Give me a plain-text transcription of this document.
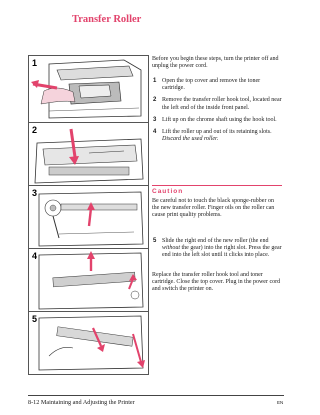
Transfer Roller
1
2
3
4
5

Before you begin these steps, turn the printer off and unplug the power cord.

1 Open the top cover and remove the toner cartridge.
2 Remove the transfer roller hook tool, located near the left end of the inside front panel.
3 Lift up on the chrome shaft using the hook tool.
4 Lift the roller up and out of its retaining slots. Discard the used roller.
Caution

Be careful not to touch the black sponge-rubber on the new transfer roller. Finger oils on the roller can cause print quality problems.

5 Slide the right end of the new roller (the end without the gear) into the right slot. Press the gear end into the left slot until it clicks into place.

Replace the transfer roller hook tool and toner cartridge. Close the top cover. Plug in the power cord and switch the printer on.

8-12 Maintaining and Adjusting the Printer	EN
